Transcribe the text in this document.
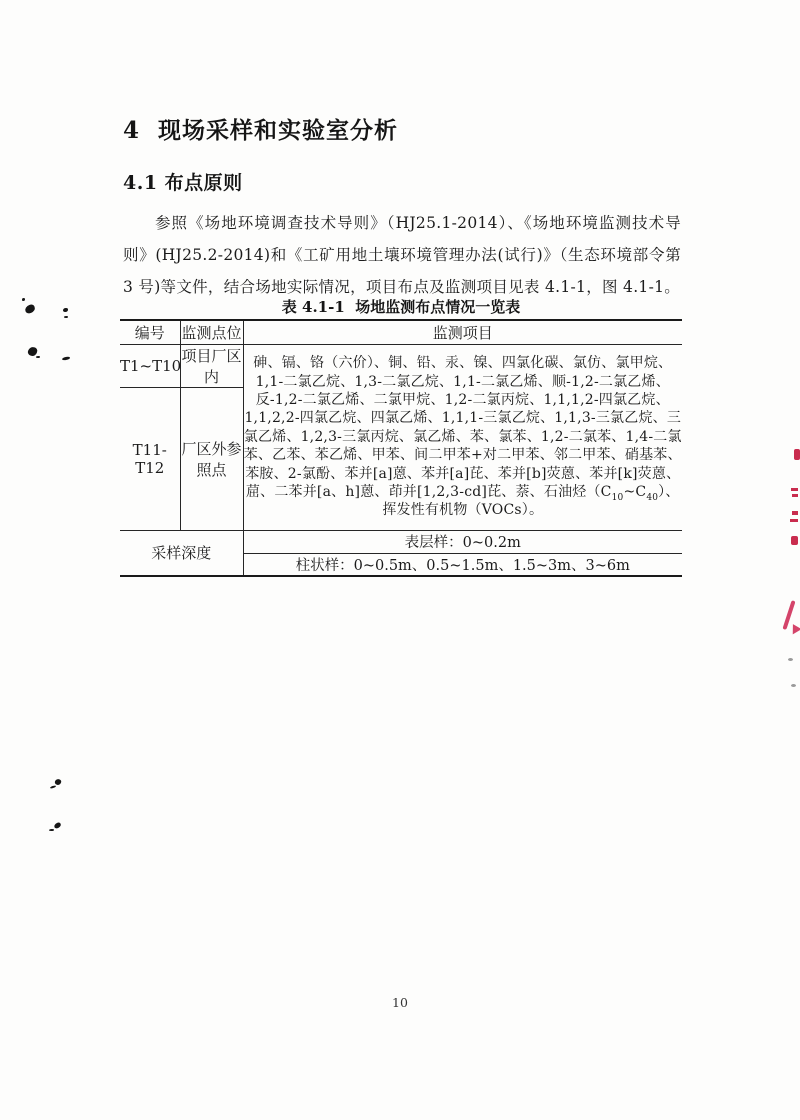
4  现场采样和实验室分析
4.1 布点原则
参照《场地环境调查技术导则》（HJ25.1-2014）、《场地环境监测技术导则》(HJ25.2-2014)和《工矿用地土壤环境管理办法(试行)》（生态环境部令第 3 号)等文件，结合场地实际情况，项目布点及监测项目见表 4.1-1，图 4.1-1。
表 4.1-1  场地监测布点情况一览表
编号	监测点位	监测项目
T1~T10	项目厂区内	砷、镉、铬（六价）、铜、铅、汞、镍、四氯化碳、氯仿、氯甲烷、1,1-二氯乙烷、1,3-二氯乙烷、1,1-二氯乙烯、顺-1,2-二氯乙烯、反-1,2-二氯乙烯、二氯甲烷、1,2-二氯丙烷、1,1,1,2-四氯乙烷、1,1,2,2-四氯乙烷、四氯乙烯、1,1,1-三氯乙烷、1,1,3-三氯乙烷、三氯乙烯、1,2,3-三氯丙烷、氯乙烯、苯、氯苯、1,2-二氯苯、1,4-二氯苯、乙苯、苯乙烯、甲苯、间二甲苯+对二甲苯、邻二甲苯、硝基苯、苯胺、2-氯酚、苯并[a]蒽、苯并[a]芘、苯并[b]荧蒽、苯并[k]荧蒽、䓛、二苯并[a、h]蒽、茚并[1,2,3-cd]芘、萘、石油烃$(C_{10}\sim C_{40})$、挥发性有机物（VOCs）。
T11-T12	厂区外参照点	
采样深度		表层样：0~0.2m
		柱状样：0~0.5m、0.5~1.5m、1.5~3m、3~6m
10
